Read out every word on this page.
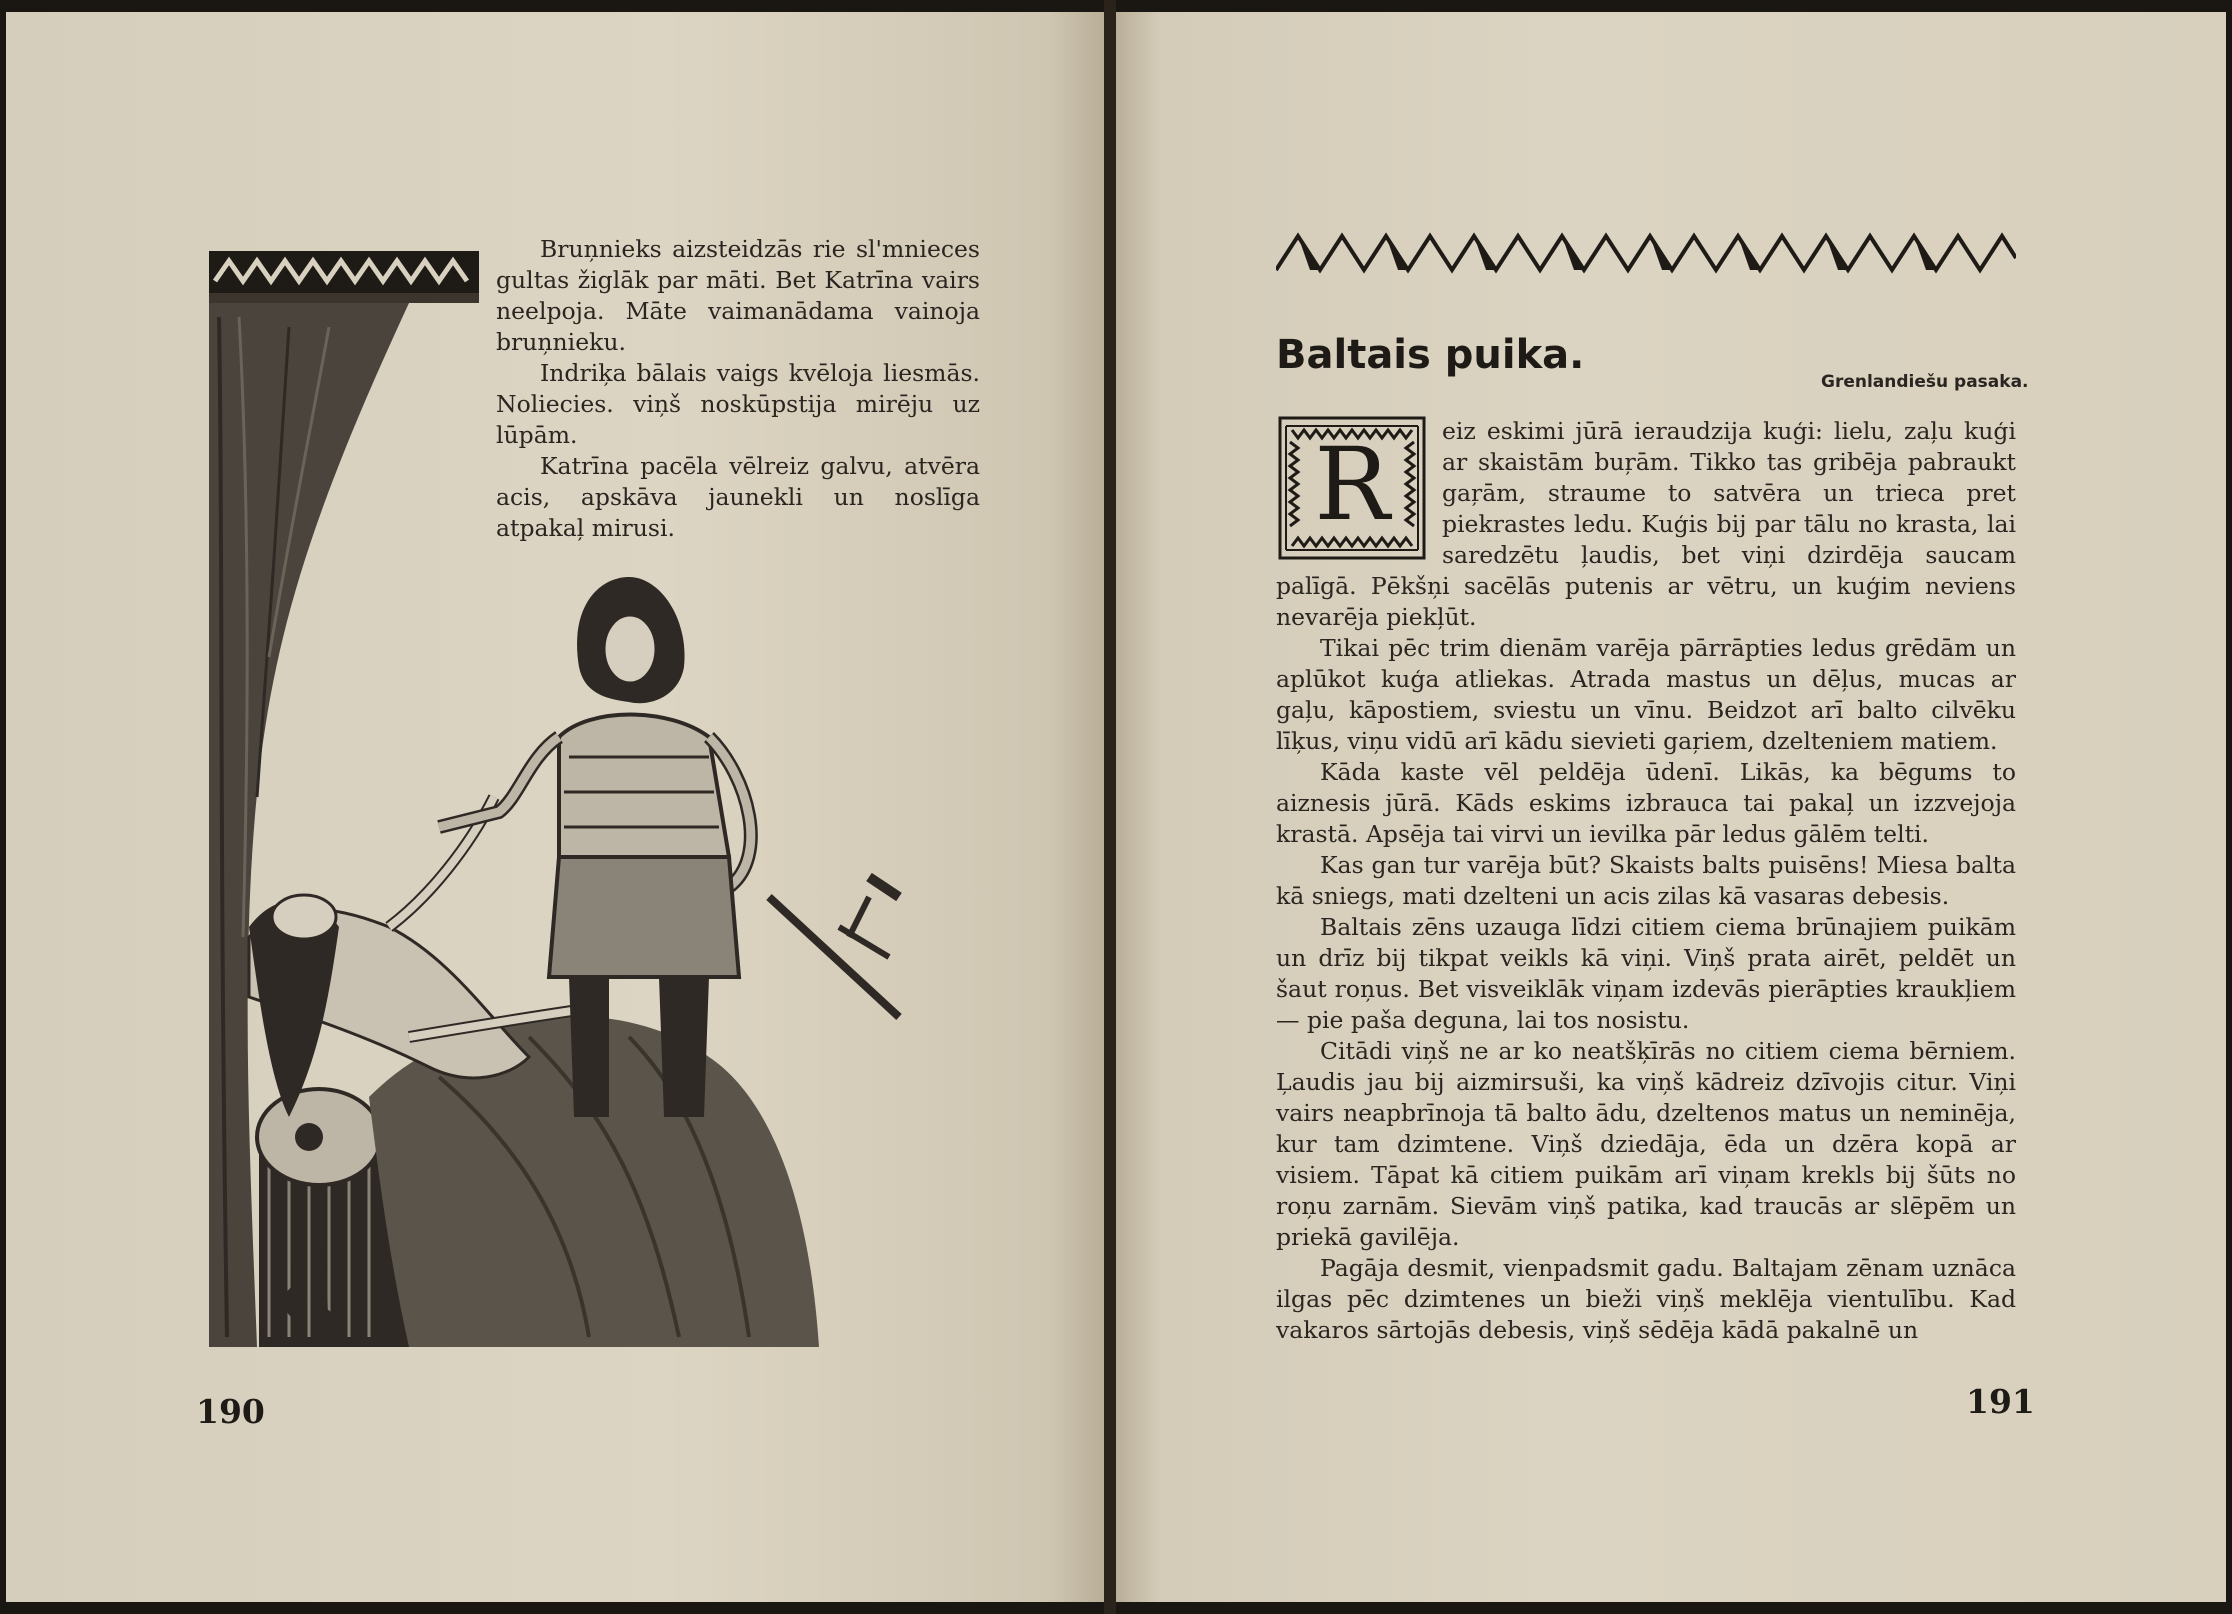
Bruņnieks aizsteidzās rie sl'mnieces gultas žiglāk par māti. Bet Katrīna vairs neelpoja. Māte vaimanādama vainoja bruņnieku.

Indriķa bālais vaigs kvēloja liesmās. Noliecies. viņš noskūpstija mirēju uz lūpām.

Katrīna pacēla vēlreiz galvu, atvēra acis, apskāva jaunekli un noslīga atpakaļ mirusi.

190
Baltais puika.
Grenlandiešu pasaka.

eiz eskimi jūrā ieraudzija kuģi: lielu, zaļu kuģi ar skaistām buŗām. Tikko tas gribēja pabraukt gaŗām, straume to satvēra un trieca pret piekrastes ledu. Kuģis bij par tālu no krasta, lai saredzētu ļaudis, bet viņi dzirdēja saucam palīgā. Pēkšņi sacēlās putenis ar vētru, un kuģim neviens nevarēja piekļūt.

Tikai pēc trim dienām varēja pārrāpties ledus grēdām un aplūkot kuģa atliekas. Atrada mastus un dēļus, mucas ar gaļu, kāpostiem, sviestu un vīnu. Beidzot arī balto cilvēku līķus, viņu vidū arī kādu sievieti gaŗiem, dzelteniem matiem.

Kāda kaste vēl peldēja ūdenī. Likās, ka bēgums to aiznesis jūrā. Kāds eskims izbrauca tai pakaļ un izzvejoja krastā. Apsēja tai virvi un ievilka pār ledus gālēm telti.

Kas gan tur varēja būt? Skaists balts puisēns! Miesa balta kā sniegs, mati dzelteni un acis zilas kā vasaras debesis.

Baltais zēns uzauga līdzi citiem ciema brūnajiem puikām un drīz bij tikpat veikls kā viņi. Viņš prata airēt, peldēt un šaut roņus. Bet visveiklāk viņam izdevās pierāpties kraukļiem — pie paša deguna, lai tos nosistu.

Citādi viņš ne ar ko neatšķīrās no citiem ciema bērniem. Ļaudis jau bij aizmirsuši, ka viņš kādreiz dzīvojis citur. Viņi vairs neapbrīnoja tā balto ādu, dzeltenos matus un neminēja, kur tam dzimtene. Viņš dziedāja, ēda un dzēra kopā ar visiem. Tāpat kā citiem puikām arī viņam krekls bij šūts no roņu zarnām. Sievām viņš patika, kad traucās ar slēpēm un priekā gavilēja.

Pagāja desmit, vienpadsmit gadu. Baltajam zēnam uznāca ilgas pēc dzimtenes un bieži viņš meklēja vientulību. Kad vakaros sārtojās debesis, viņš sēdēja kādā pakalnē un

R
191
